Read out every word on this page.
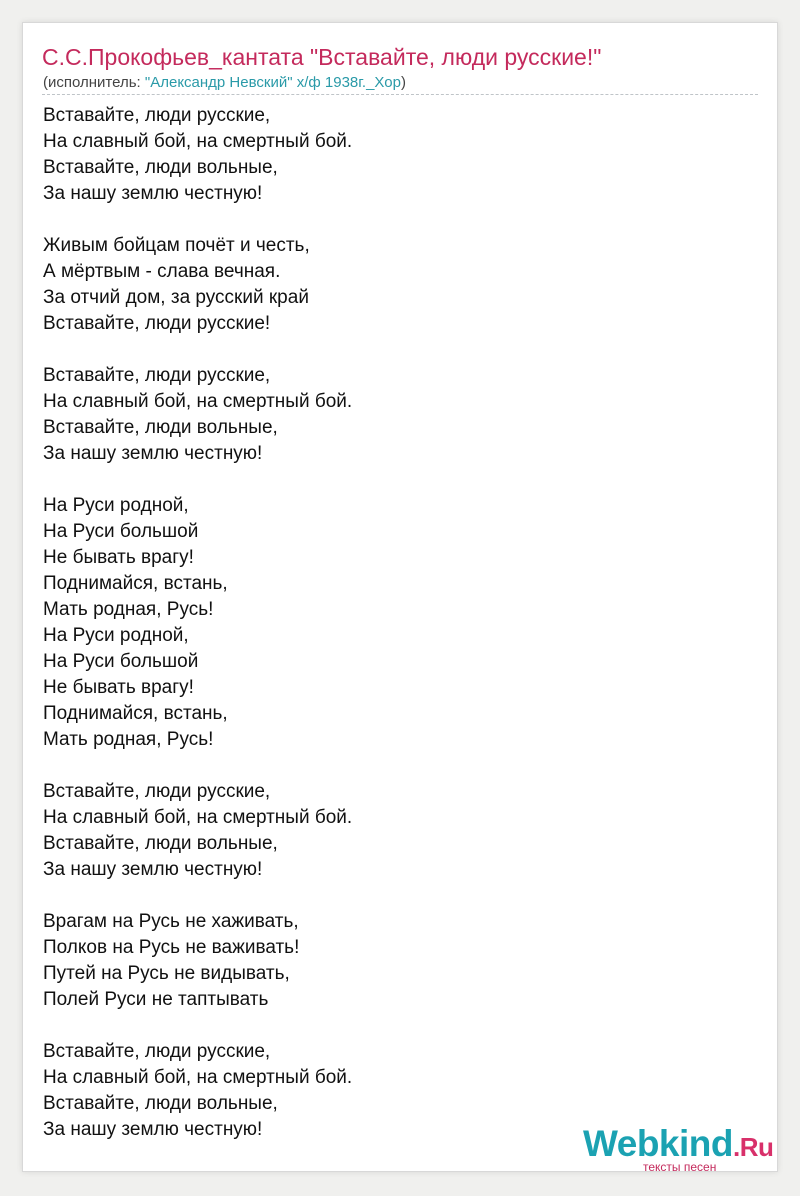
С.С.Прокофьев_кантата "Вставайте, люди русские!"
(исполнитель: "Александр Невский" х/ф 1938г._Хор)
Вставайте, люди русские,
На славный бой, на смертный бой.
Вставайте, люди вольные,
За нашу землю честную!
Живым бойцам почёт и честь,
А мёртвым - слава вечная.
За отчий дом, за русский край
Вставайте, люди русские!
Вставайте, люди русские,
На славный бой, на смертный бой.
Вставайте, люди вольные,
За нашу землю честную!
На Руси родной,
На Руси большой
Не бывать врагу!
Поднимайся, встань,
Мать родная, Русь!
На Руси родной,
На Руси большой
Не бывать врагу!
Поднимайся, встань,
Мать родная, Русь!
Вставайте, люди русские,
На славный бой, на смертный бой.
Вставайте, люди вольные,
За нашу землю честную!
Врагам на Русь не хаживать,
Полков на Русь не важивать!
Путей на Русь не видывать,
Полей Руси не таптывать
Вставайте, люди русские,
На славный бой, на смертный бой.
Вставайте, люди вольные,
За нашу землю честную!	Webkind.Ru
тексты песен
